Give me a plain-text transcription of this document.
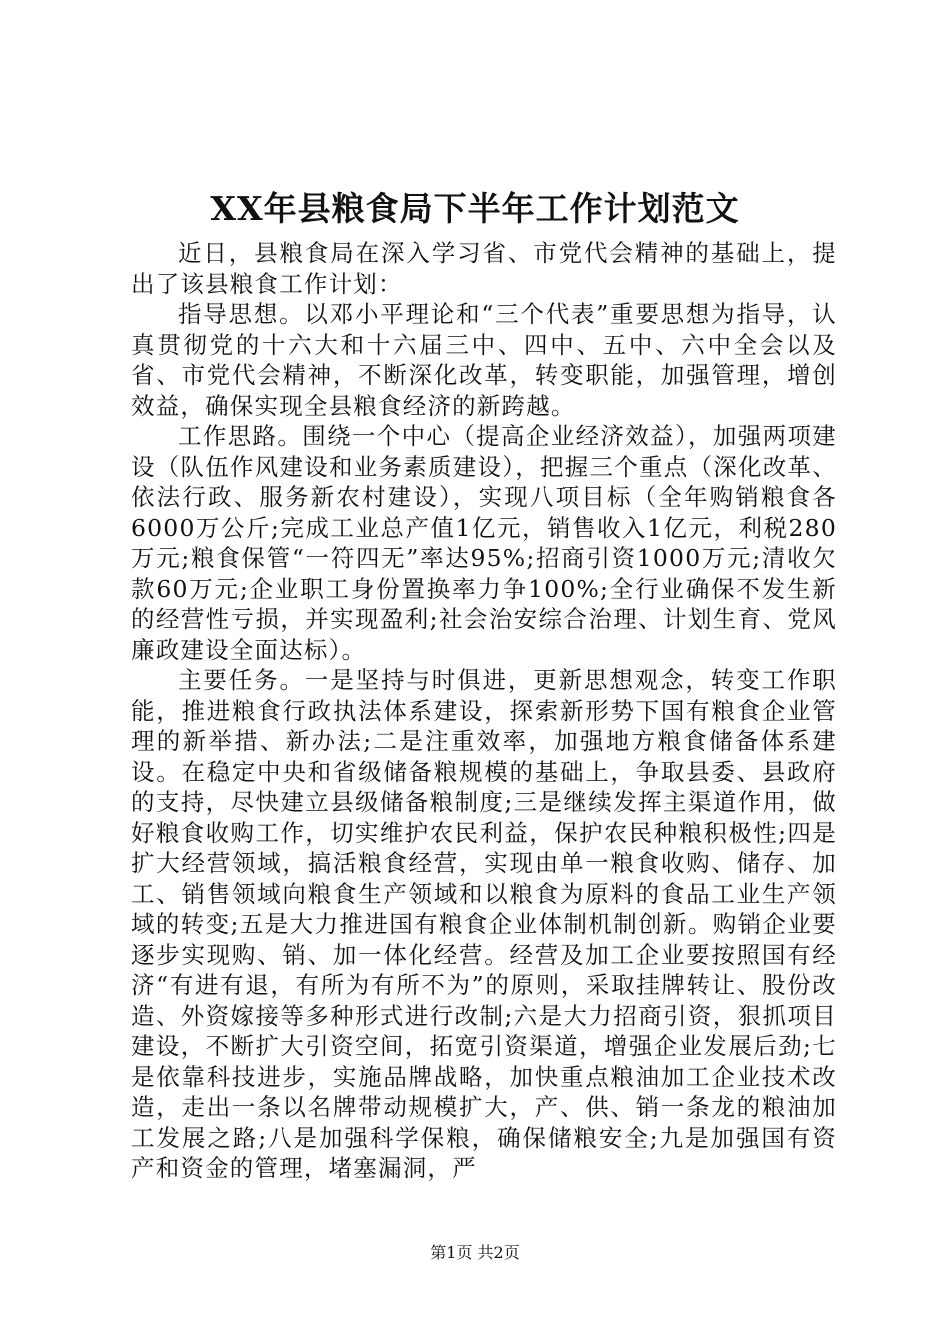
XX年县粮食局下半年工作计划范文

近日，县粮食局在深入学习省、市党代会精神的基础上，提出了该县粮食工作计划：

指导思想。以邓小平理论和“三个代表”重要思想为指导，认真贯彻党的十六大和十六届三中、四中、五中、六中全会以及省、市党代会精神，不断深化改革，转变职能，加强管理，增创效益，确保实现全县粮食经济的新跨越。

工作思路。围绕一个中心（提高企业经济效益），加强两项建设（队伍作风建设和业务素质建设），把握三个重点（深化改革、依法行政、服务新农村建设），实现八项目标（全年购销粮食各6000万公斤;完成工业总产值1亿元，销售收入1亿元，利税280万元;粮食保管“一符四无”率达95%;招商引资1000万元;清收欠款60万元;企业职工身份置换率力争100%;全行业确保不发生新的经营性亏损，并实现盈利;社会治安综合治理、计划生育、党风廉政建设全面达标）。

主要任务。一是坚持与时俱进，更新思想观念，转变工作职能，推进粮食行政执法体系建设，探索新形势下国有粮食企业管理的新举措、新办法;二是注重效率，加强地方粮食储备体系建设。在稳定中央和省级储备粮规模的基础上，争取县委、县政府的支持，尽快建立县级储备粮制度;三是继续发挥主渠道作用，做好粮食收购工作，切实维护农民利益，保护农民种粮积极性;四是扩大经营领域，搞活粮食经营，实现由单一粮食收购、储存、加工、销售领域向粮食生产领域和以粮食为原料的食品工业生产领域的转变;五是大力推进国有粮食企业体制机制创新。购销企业要逐步实现购、销、加一体化经营。经营及加工企业要按照国有经济“有进有退，有所为有所不为”的原则，采取挂牌转让、股份改造、外资嫁接等多种形式进行改制;六是大力招商引资，狠抓项目建设，不断扩大引资空间，拓宽引资渠道，增强企业发展后劲;七是依靠科技进步，实施品牌战略，加快重点粮油加工企业技术改造，走出一条以名牌带动规模扩大，产、供、销一条龙的粮油加工发展之路;八是加强科学保粮，确保储粮安全;九是加强国有资产和资金的管理，堵塞漏洞，严

第1页 共2页
